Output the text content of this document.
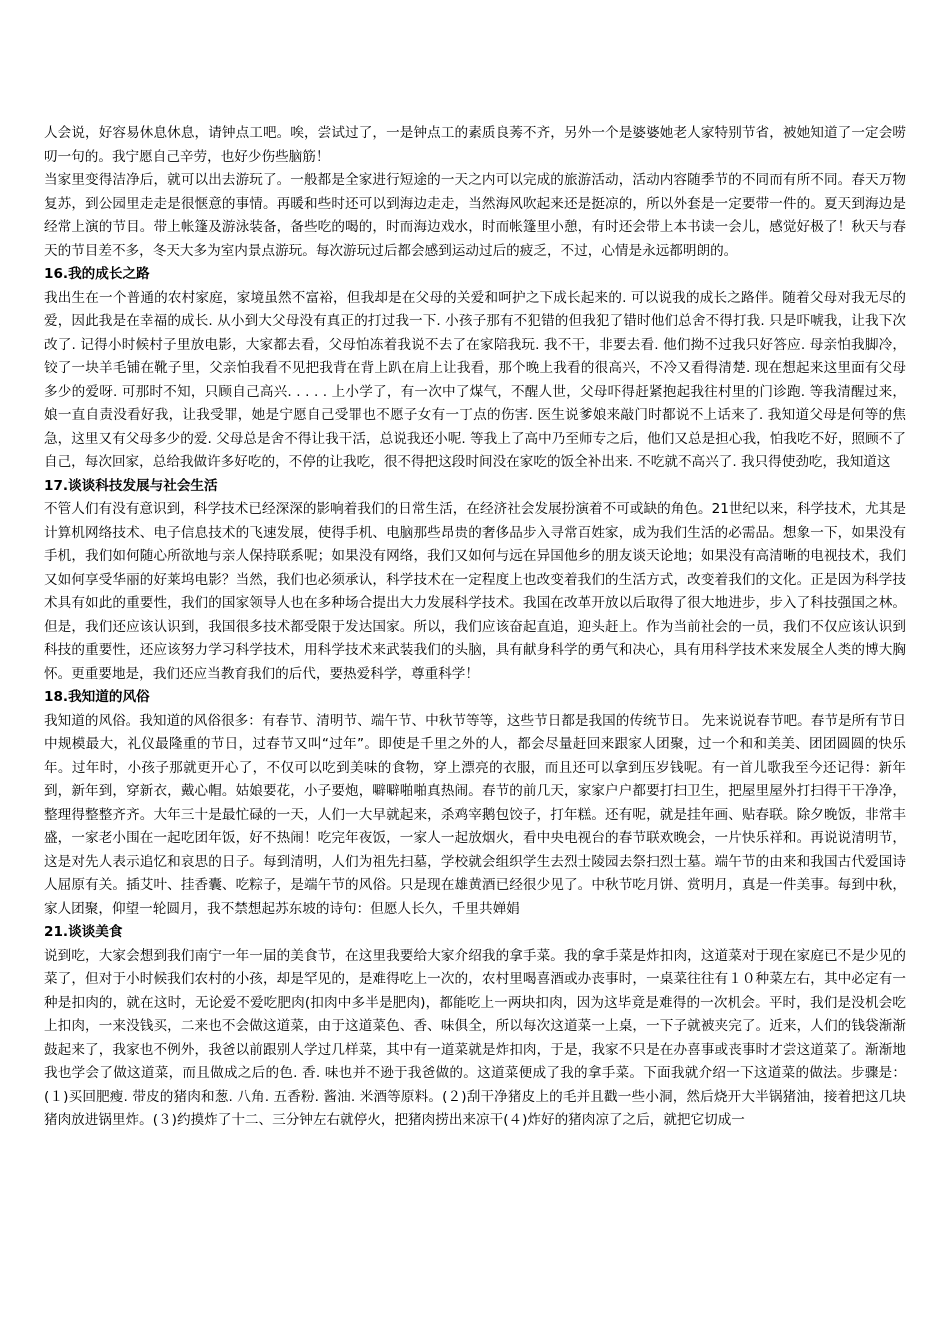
人会说，好容易休息休息，请钟点工吧。唉，尝试过了，一是钟点工的素质良莠不齐，另外一个是婆婆她老人家特别节省，被她知道了一定会唠叨一句的。我宁愿自己辛劳，也好少伤些脑筋！

当家里变得洁净后，就可以出去游玩了。一般都是全家进行短途的一天之内可以完成的旅游活动，活动内容随季节的不同而有所不同。春天万物复苏，到公园里走走是很惬意的事情。再暖和些时还可以到海边走走，当然海风吹起来还是挺凉的，所以外套是一定要带一件的。夏天到海边是经常上演的节目。带上帐篷及游泳装备，备些吃的喝的，时而海边戏水，时而帐篷里小憩，有时还会带上本书读一会儿，感觉好极了！秋天与春天的节目差不多，冬天大多为室内景点游玩。每次游玩过后都会感到运动过后的疲乏，不过，心情是永远都明朗的。

16.我的成长之路

我出生在一个普通的农村家庭，家境虽然不富裕，但我却是在父母的关爱和呵护之下成长起来的. 可以说我的成长之路伴。随着父母对我无尽的爱，因此我是在幸福的成长. 从小到大父母没有真正的打过我一下. 小孩子那有不犯错的但我犯了错时他们总舍不得打我. 只是吓唬我，让我下次改了. 记得小时候村子里放电影，大家都去看，父母怕冻着我说不去了在家陪我玩. 我不干，非要去看. 他们拗不过我只好答应. 母亲怕我脚冷，铰了一块羊毛铺在靴子里，父亲怕我看不见把我背在背上趴在肩上让我看，那个晚上我看的很高兴，不冷又看得清楚. 现在想起来这里面有父母多少的爱呀. 可那时不知，只顾自己高兴. . . . . 上小学了，有一次中了煤气，不醒人世，父母吓得赶紧抱起我往村里的门诊跑. 等我清醒过来，娘一直自责没看好我，让我受罪，她是宁愿自己受罪也不愿子女有一丁点的伤害. 医生说爹娘来敲门时都说不上话来了. 我知道父母是何等的焦急，这里又有父母多少的爱. 父母总是舍不得让我干活，总说我还小呢. 等我上了高中乃至师专之后，他们又总是担心我，怕我吃不好，照顾不了自己，每次回家，总给我做许多好吃的，不停的让我吃，很不得把这段时间没在家吃的饭全补出来. 不吃就不高兴了. 我只得使劲吃，我知道这

17.谈谈科技发展与社会生活

不管人们有没有意识到，科学技术已经深深的影响着我们的日常生活，在经济社会发展扮演着不可或缺的角色。21世纪以来，科学技术，尤其是计算机网络技术、电子信息技术的飞速发展，使得手机、电脑那些昂贵的奢侈品步入寻常百姓家，成为我们生活的必需品。想象一下，如果没有手机，我们如何随心所欲地与亲人保持联系呢；如果没有网络，我们又如何与远在异国他乡的朋友谈天论地；如果没有高清晰的电视技术，我们又如何享受华丽的好莱坞电影？当然，我们也必须承认，科学技术在一定程度上也改变着我们的生活方式，改变着我们的文化。正是因为科学技术具有如此的重要性，我们的国家领导人也在多种场合提出大力发展科学技术。我国在改革开放以后取得了很大地进步，步入了科技强国之林。但是，我们还应该认识到，我国很多技术都受限于发达国家。所以，我们应该奋起直追，迎头赶上。作为当前社会的一员，我们不仅应该认识到科技的重要性，还应该努力学习科学技术，用科学技术来武装我们的头脑，具有献身科学的勇气和决心，具有用科学技术来发展全人类的博大胸怀。更重要地是，我们还应当教育我们的后代，要热爱科学，尊重科学！

18.我知道的风俗

我知道的风俗。我知道的风俗很多：有春节、清明节、端午节、中秋节等等，这些节日都是我国的传统节日。 先来说说春节吧。春节是所有节日中规模最大，礼仪最隆重的节日，过春节又叫“过年”。即使是千里之外的人，都会尽量赶回来跟家人团聚，过一个和和美美、团团圆圆的快乐年。过年时，小孩子那就更开心了，不仅可以吃到美味的食物，穿上漂亮的衣服，而且还可以拿到压岁钱呢。有一首儿歌我至今还记得：新年到，新年到，穿新衣，戴心帽。姑娘要花，小子要炮，噼噼啪啪真热闹。春节的前几天，家家户户都要打扫卫生，把屋里屋外打扫得干干净净，整理得整整齐齐。大年三十是最忙碌的一天，人们一大早就起来，杀鸡宰鹅包饺子，打年糕。还有呢，就是挂年画、贴春联。除夕晚饭，非常丰盛，一家老小围在一起吃团年饭，好不热闹！吃完年夜饭，一家人一起放烟火，看中央电视台的春节联欢晚会，一片快乐祥和。再说说清明节，这是对先人表示追忆和哀思的日子。每到清明，人们为祖先扫墓，学校就会组织学生去烈士陵园去祭扫烈士墓。端午节的由来和我国古代爱国诗人屈原有关。插艾叶、挂香囊、吃粽子，是端午节的风俗。只是现在雄黄酒已经很少见了。中秋节吃月饼、赏明月，真是一件美事。每到中秋，家人团聚，仰望一轮圆月，我不禁想起苏东坡的诗句：但愿人长久，千里共婵娟

21.谈谈美食

说到吃，大家会想到我们南宁一年一届的美食节，在这里我要给大家介绍我的拿手菜。我的拿手菜是炸扣肉，这道菜对于现在家庭已不是少见的菜了，但对于小时候我们农村的小孩，却是罕见的，是难得吃上一次的，农村里喝喜酒或办丧事时，一桌菜往往有１０种菜左右，其中必定有一种是扣肉的，就在这时，无论爱不爱吃肥肉(扣肉中多半是肥肉)，都能吃上一两块扣肉，因为这毕竟是难得的一次机会。平时，我们是没机会吃上扣肉，一来没钱买，二来也不会做这道菜，由于这道菜色、香、味俱全，所以每次这道菜一上桌，一下子就被夹完了。近来，人们的钱袋渐渐鼓起来了，我家也不例外，我爸以前跟别人学过几样菜，其中有一道菜就是炸扣肉，于是，我家不只是在办喜事或丧事时才尝这道菜了。渐渐地我也学会了做这道菜，而且做成之后的色. 香. 味也并不逊于我爸做的。这道菜便成了我的拿手菜。下面我就介绍一下这道菜的做法。步骤是：(１)买回肥瘦. 带皮的猪肉和葱. 八角. 五香粉. 酱油. 米酒等原料。(２)刮干净猪皮上的毛并且戳一些小洞，然后烧开大半锅猪油，接着把这几块猪肉放进锅里炸。(３)约摸炸了十二、三分钟左右就停火，把猪肉捞出来凉干(４)炸好的猪肉凉了之后，就把它切成一
